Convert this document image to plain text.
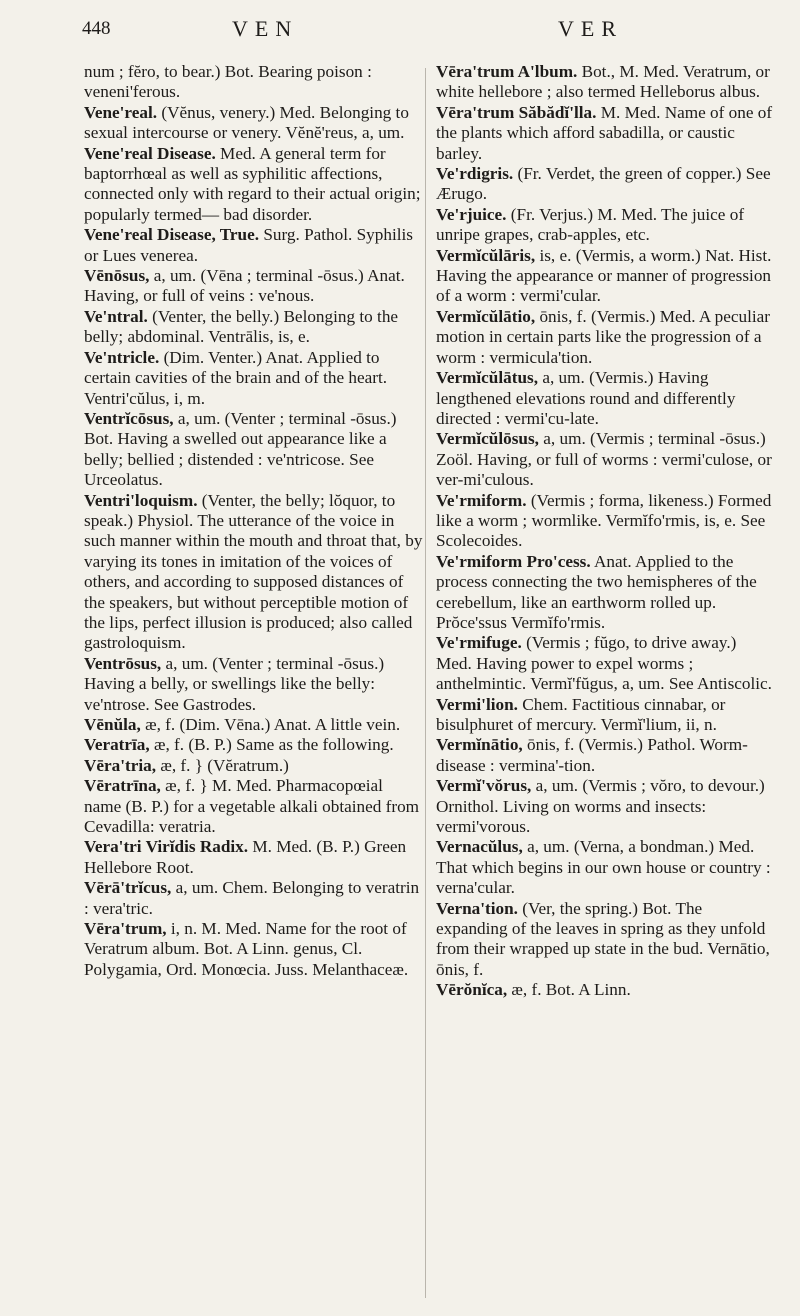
448	VEN	VER

num ; fĕro, to bear.) Bot. Bearing poison : veneni'ferous.

Vene'real. (Vĕnus, venery.) Med. Belonging to sexual intercourse or venery. Vĕnĕ'reus, a, um.

Vene'real Disease. Med. A general term for baptorrhœal as well as syphilitic affections, connected only with regard to their actual origin; popularly termed— bad disorder.

Vene'real Disease, True. Surg. Pathol. Syphilis or Lues venerea.

Vēnōsus, a, um. (Vēna ; terminal -ōsus.) Anat. Having, or full of veins : ve'nous.

Ve'ntral. (Venter, the belly.) Belonging to the belly; abdominal. Ventrālis, is, e.

Ve'ntricle. (Dim. Venter.) Anat. Applied to certain cavities of the brain and of the heart. Ventri'cŭlus, i, m.

Ventrĭcōsus, a, um. (Venter ; terminal -ōsus.) Bot. Having a swelled out appearance like a belly; bellied ; distended : ve'ntricose. See Urceolatus.

Ventri'loquism. (Venter, the belly; lŏquor, to speak.) Physiol. The utterance of the voice in such manner within the mouth and throat that, by varying its tones in imitation of the voices of others, and according to supposed distances of the speakers, but without perceptible motion of the lips, perfect illusion is produced; also called gastroloquism.

Ventrōsus, a, um. (Venter ; terminal -ōsus.) Having a belly, or swellings like the belly: ve'ntrose. See Gastrodes.

Vēnŭla, æ, f. (Dim. Vēna.) Anat. A little vein.

Veratrīa, æ, f. (B. P.) Same as the following.

Vēra'tria, æ, f. } (Vĕratrum.)

Vēratrīna, æ, f. } M. Med. Pharmacopœial name (B. P.) for a vegetable alkali obtained from Cevadilla: veratria.

Vera'tri Virĭdis Radix. M. Med. (B. P.) Green Hellebore Root.

Vērā'trĭcus, a, um. Chem. Belonging to veratrin : vera'tric.

Vēra'trum, i, n. M. Med. Name for the root of Veratrum album. Bot. A Linn. genus, Cl. Polygamia, Ord. Monœcia. Juss. Melanthaceæ.

Vēra'trum A'lbum. Bot., M. Med. Veratrum, or white hellebore ; also termed Helleborus albus.

Vēra'trum Săbădĭ'lla. M. Med. Name of one of the plants which afford sabadilla, or caustic barley.

Ve'rdigris. (Fr. Verdet, the green of copper.) See Ærugo.

Ve'rjuice. (Fr. Verjus.) M. Med. The juice of unripe grapes, crab-apples, etc.

Vermĭcŭlāris, is, e. (Vermis, a worm.) Nat. Hist. Having the appearance or manner of progression of a worm : vermi'cular.

Vermĭcŭlātio, ōnis, f. (Vermis.) Med. A peculiar motion in certain parts like the progression of a worm : vermicula'tion.

Vermĭcŭlātus, a, um. (Vermis.) Having lengthened elevations round and differently directed : vermi'cu-late.

Vermĭcŭlōsus, a, um. (Vermis ; terminal -ōsus.) Zoöl. Having, or full of worms : vermi'culose, or ver-mi'culous.

Ve'rmiform. (Vermis ; forma, likeness.) Formed like a worm ; wormlike. Vermĭfo'rmis, is, e. See Scolecoides.

Ve'rmiform Pro'cess. Anat. Applied to the process connecting the two hemispheres of the cerebellum, like an earthworm rolled up. Prŏce'ssus Vermĭfo'rmis.

Ve'rmifuge. (Vermis ; fŭgo, to drive away.) Med. Having power to expel worms ; anthelmintic. Vermĭ'fŭgus, a, um. See Antiscolic.

Vermi'lion. Chem. Factitious cinnabar, or bisulphuret of mercury. Vermĭ'lium, ii, n.

Vermĭnātio, ōnis, f. (Vermis.) Pathol. Worm-disease : vermina'-tion.

Vermĭ'vŏrus, a, um. (Vermis ; vŏro, to devour.) Ornithol. Living on worms and insects: vermi'vorous.

Vernacŭlus, a, um. (Verna, a bondman.) Med. That which begins in our own house or country : verna'cular.

Verna'tion. (Ver, the spring.) Bot. The expanding of the leaves in spring as they unfold from their wrapped up state in the bud. Vernātio, ōnis, f.

Vērŏnĭca, æ, f. Bot. A Linn.
